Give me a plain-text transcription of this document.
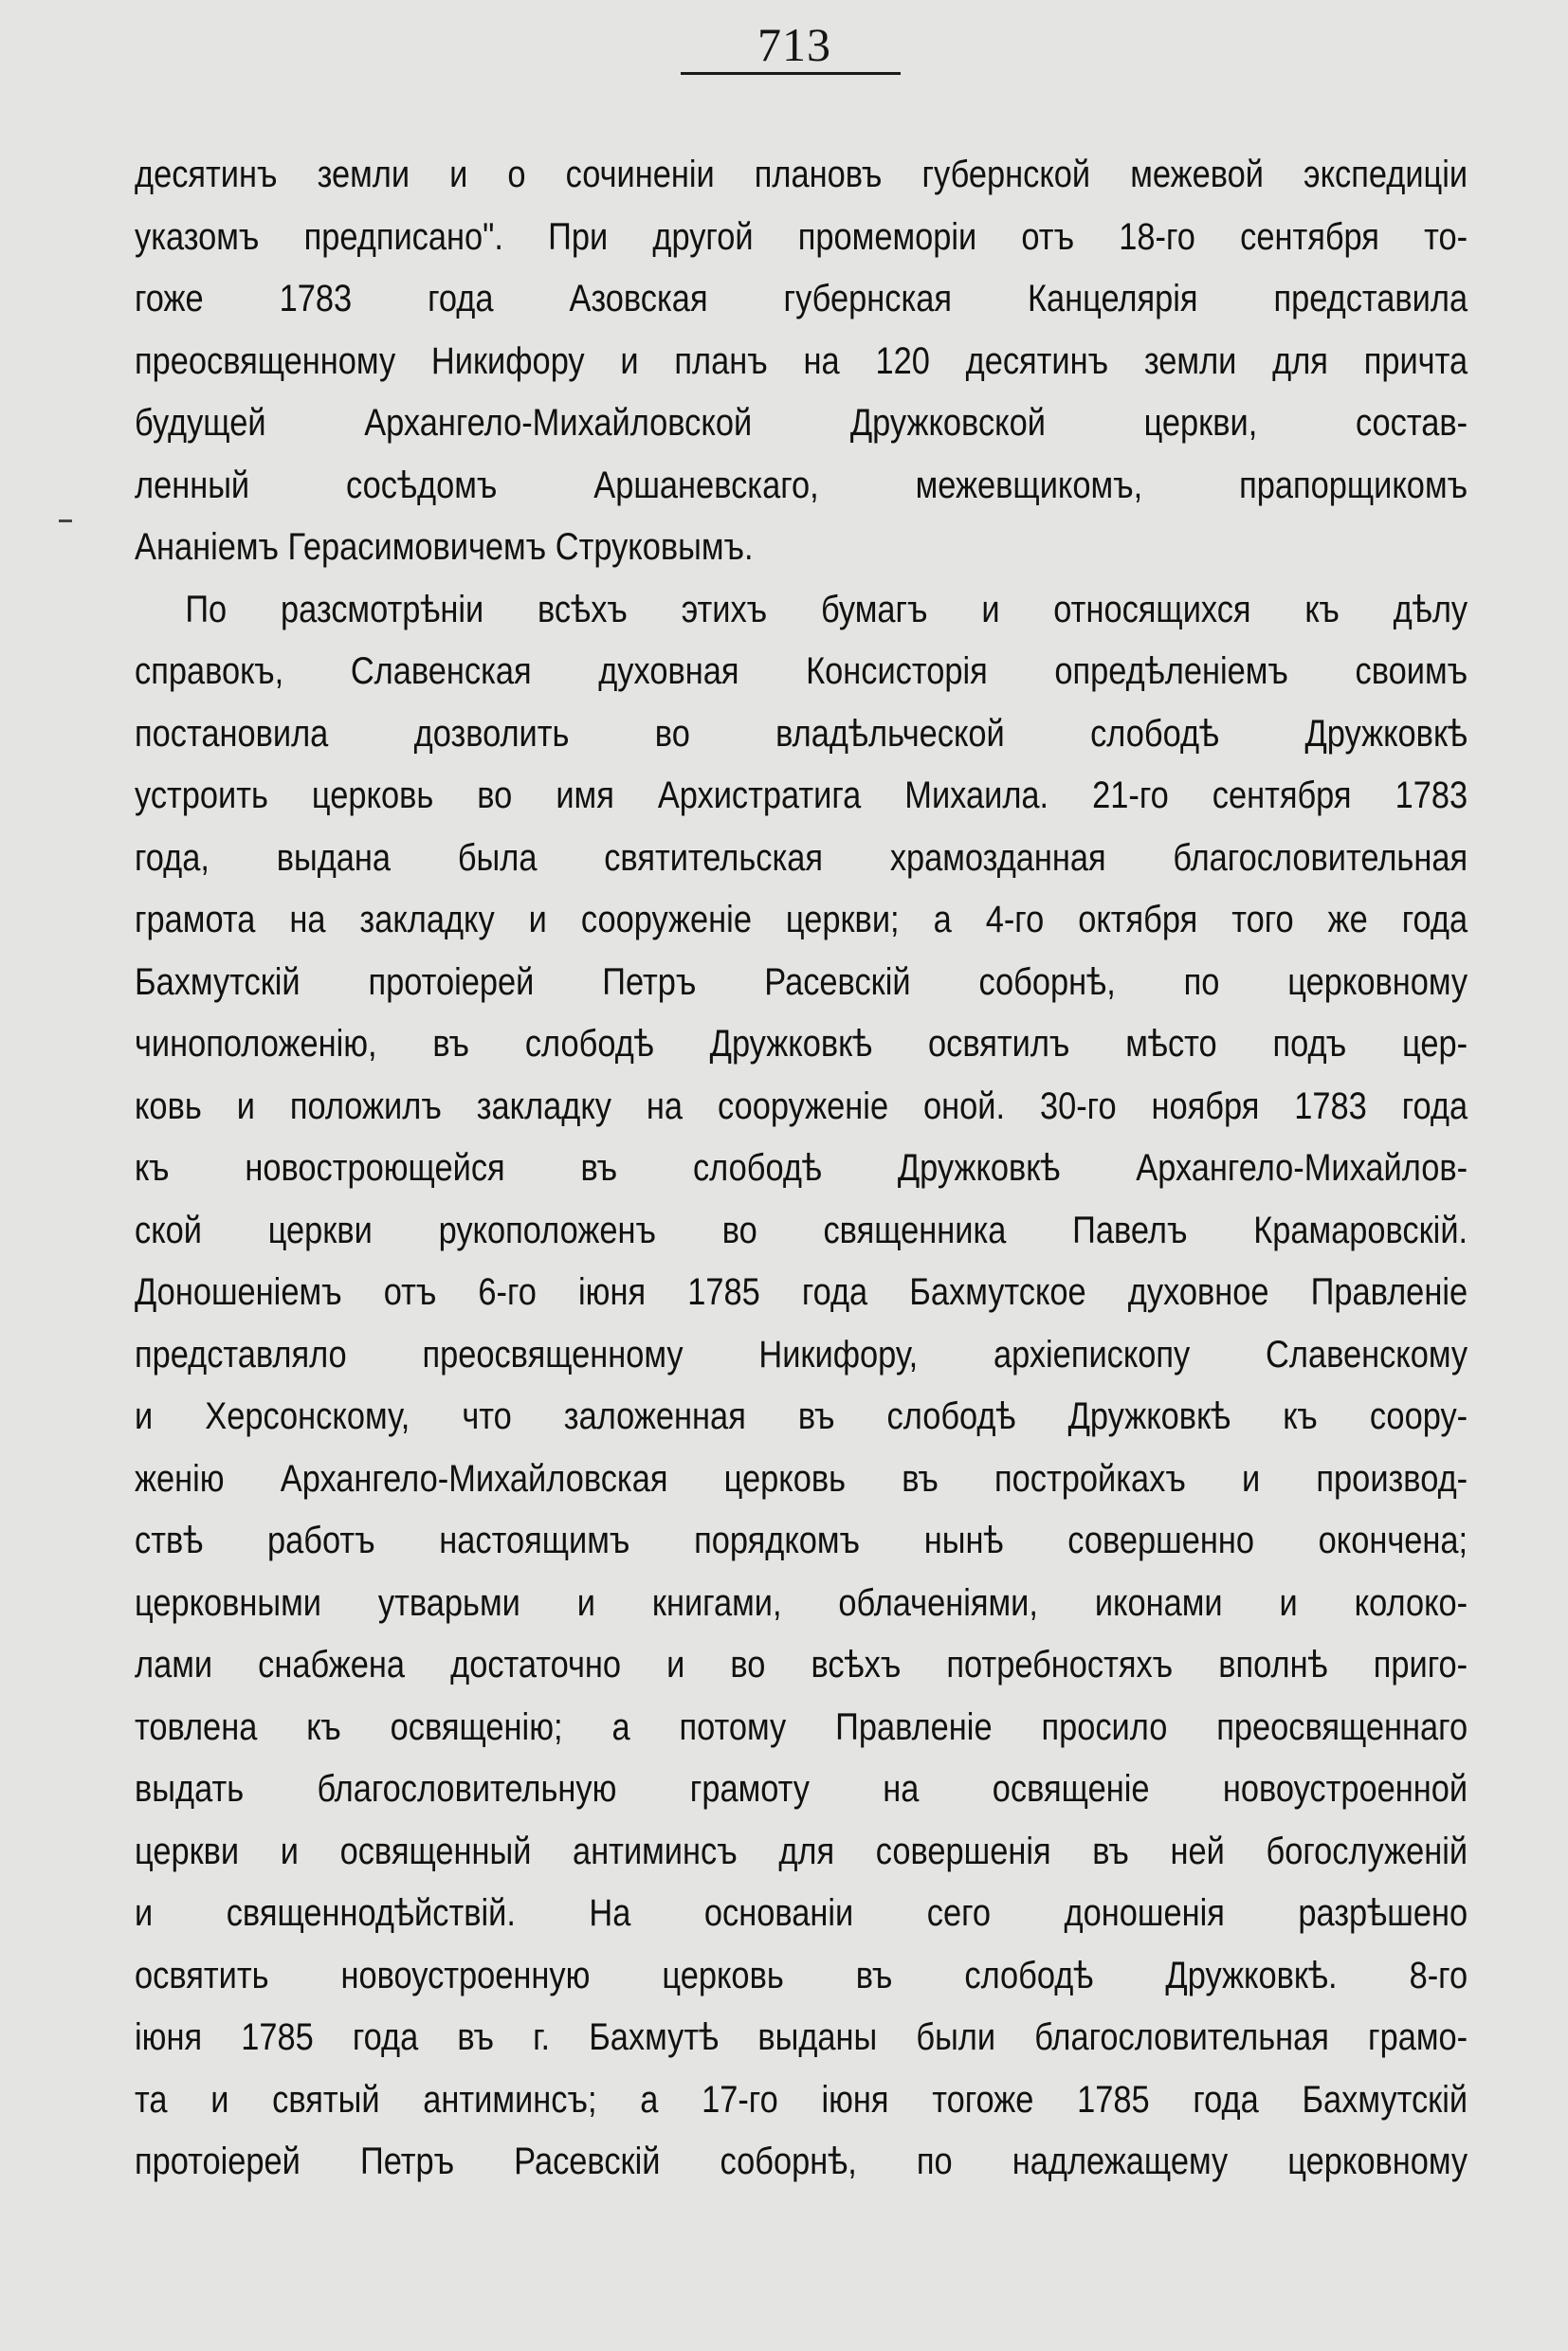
713
десятинъ земли и о сочиненіи плановъ губернской межевой экспедиціи
указомъ предписано". При другой промеморіи отъ 18-го сентября то-
гоже 1783 года Азовская губернская Канцелярія представила
преосвященному Никифору и планъ на 120 десятинъ земли для причта
будущей Архангело-Михайловской Дружковской церкви, состав-
ленный сосѣдомъ Аршаневскаго, межевщикомъ, прапорщикомъ
Ананіемъ Герасимовичемъ Струковымъ.
По разсмотрѣніи всѣхъ этихъ бумагъ и относящихся къ дѣлу
справокъ, Славенская духовная Консисторія опредѣленіемъ своимъ
постановила дозволить во владѣльческой слободѣ Дружковкѣ
устроить церковь во имя Архистратига Михаила. 21-го сентября 1783
года, выдана была святительская храмозданная благословительная
грамота на закладку и сооруженіе церкви; а 4-го октября того же года
Бахмутскій протоіерей Петръ Расевскій соборнѣ, по церковному
чиноположенію, въ слободѣ Дружковкѣ освятилъ мѣсто подъ цер-
ковь и положилъ закладку на сооруженіе оной. 30-го ноября 1783 года
къ новостроющейся въ слободѣ Дружковкѣ Архангело-Михайлов-
ской церкви рукоположенъ во священника Павелъ Крамаровскій.
Доношеніемъ отъ 6-го іюня 1785 года Бахмутское духовное Правленіе
представляло преосвященному Никифору, архіепископу Славенскому
и Херсонскому, что заложенная въ слободѣ Дружковкѣ къ соору-
женію Архангело-Михайловская церковь въ постройкахъ и производ-
ствѣ работъ настоящимъ порядкомъ нынѣ совершенно окончена;
церковными утварьми и книгами, облаченіями, иконами и колоко-
лами снабжена достаточно и во всѣхъ потребностяхъ вполнѣ приго-
товлена къ освященію; а потому Правленіе просило преосвященнаго
выдать благословительную грамоту на освященіе новоустроенной
церкви и освященный антиминсъ для совершенія въ ней богослуженій
и священнодѣйствій. На основаніи сего доношенія разрѣшено
освятить новоустроенную церковь въ слободѣ Дружковкѣ. 8-го
іюня 1785 года въ г. Бахмутѣ выданы были благословительная грамо-
та и святый антиминсъ; а 17-го іюня тогоже 1785 года Бахмутскій
протоіерей Петръ Расевскій соборнѣ, по надлежащему церковному
